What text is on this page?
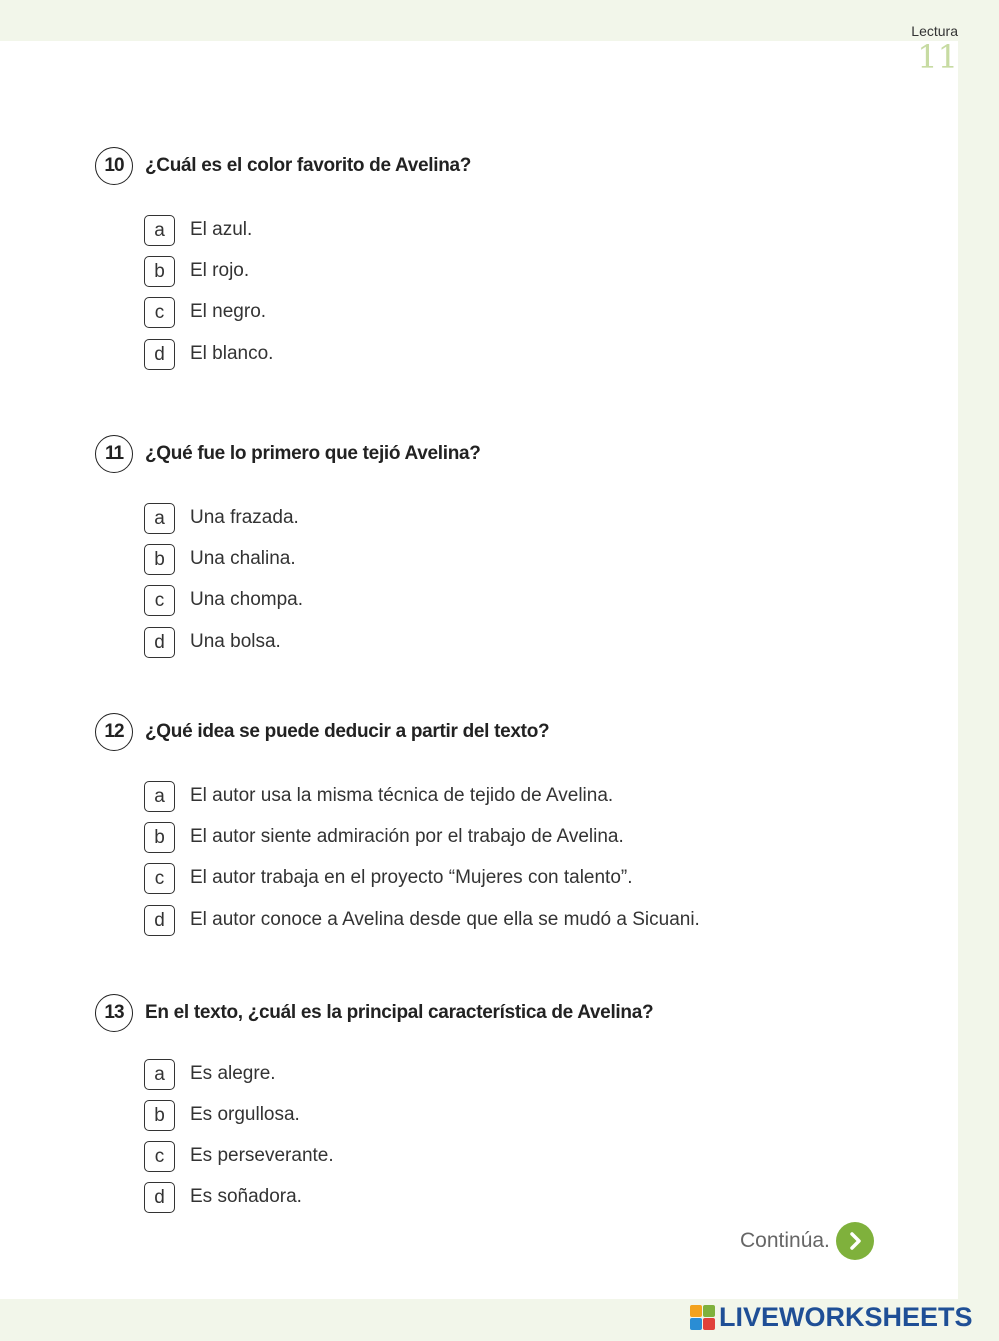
Lectura
11
10	¿Cuál es el color favorito de Avelina?
a	El azul.
b	El rojo.
c	El negro.
d	El blanco.
11	¿Qué fue lo primero que tejió Avelina?
a	Una frazada.
b	Una chalina.
c	Una chompa.
d	Una bolsa.
12	¿Qué idea se puede deducir a partir del texto?
a	El autor usa la misma técnica de tejido de Avelina.
b	El autor siente admiración por el trabajo de Avelina.
c	El autor trabaja en el proyecto “Mujeres con talento”.
d	El autor conoce a Avelina desde que ella se mudó a Sicuani.
13	En el texto, ¿cuál es la principal característica de Avelina?
a	Es alegre.
b	Es orgullosa.
c	Es perseverante.
d	Es soñadora.
Continúa.
LIVEWORKSHEETS
